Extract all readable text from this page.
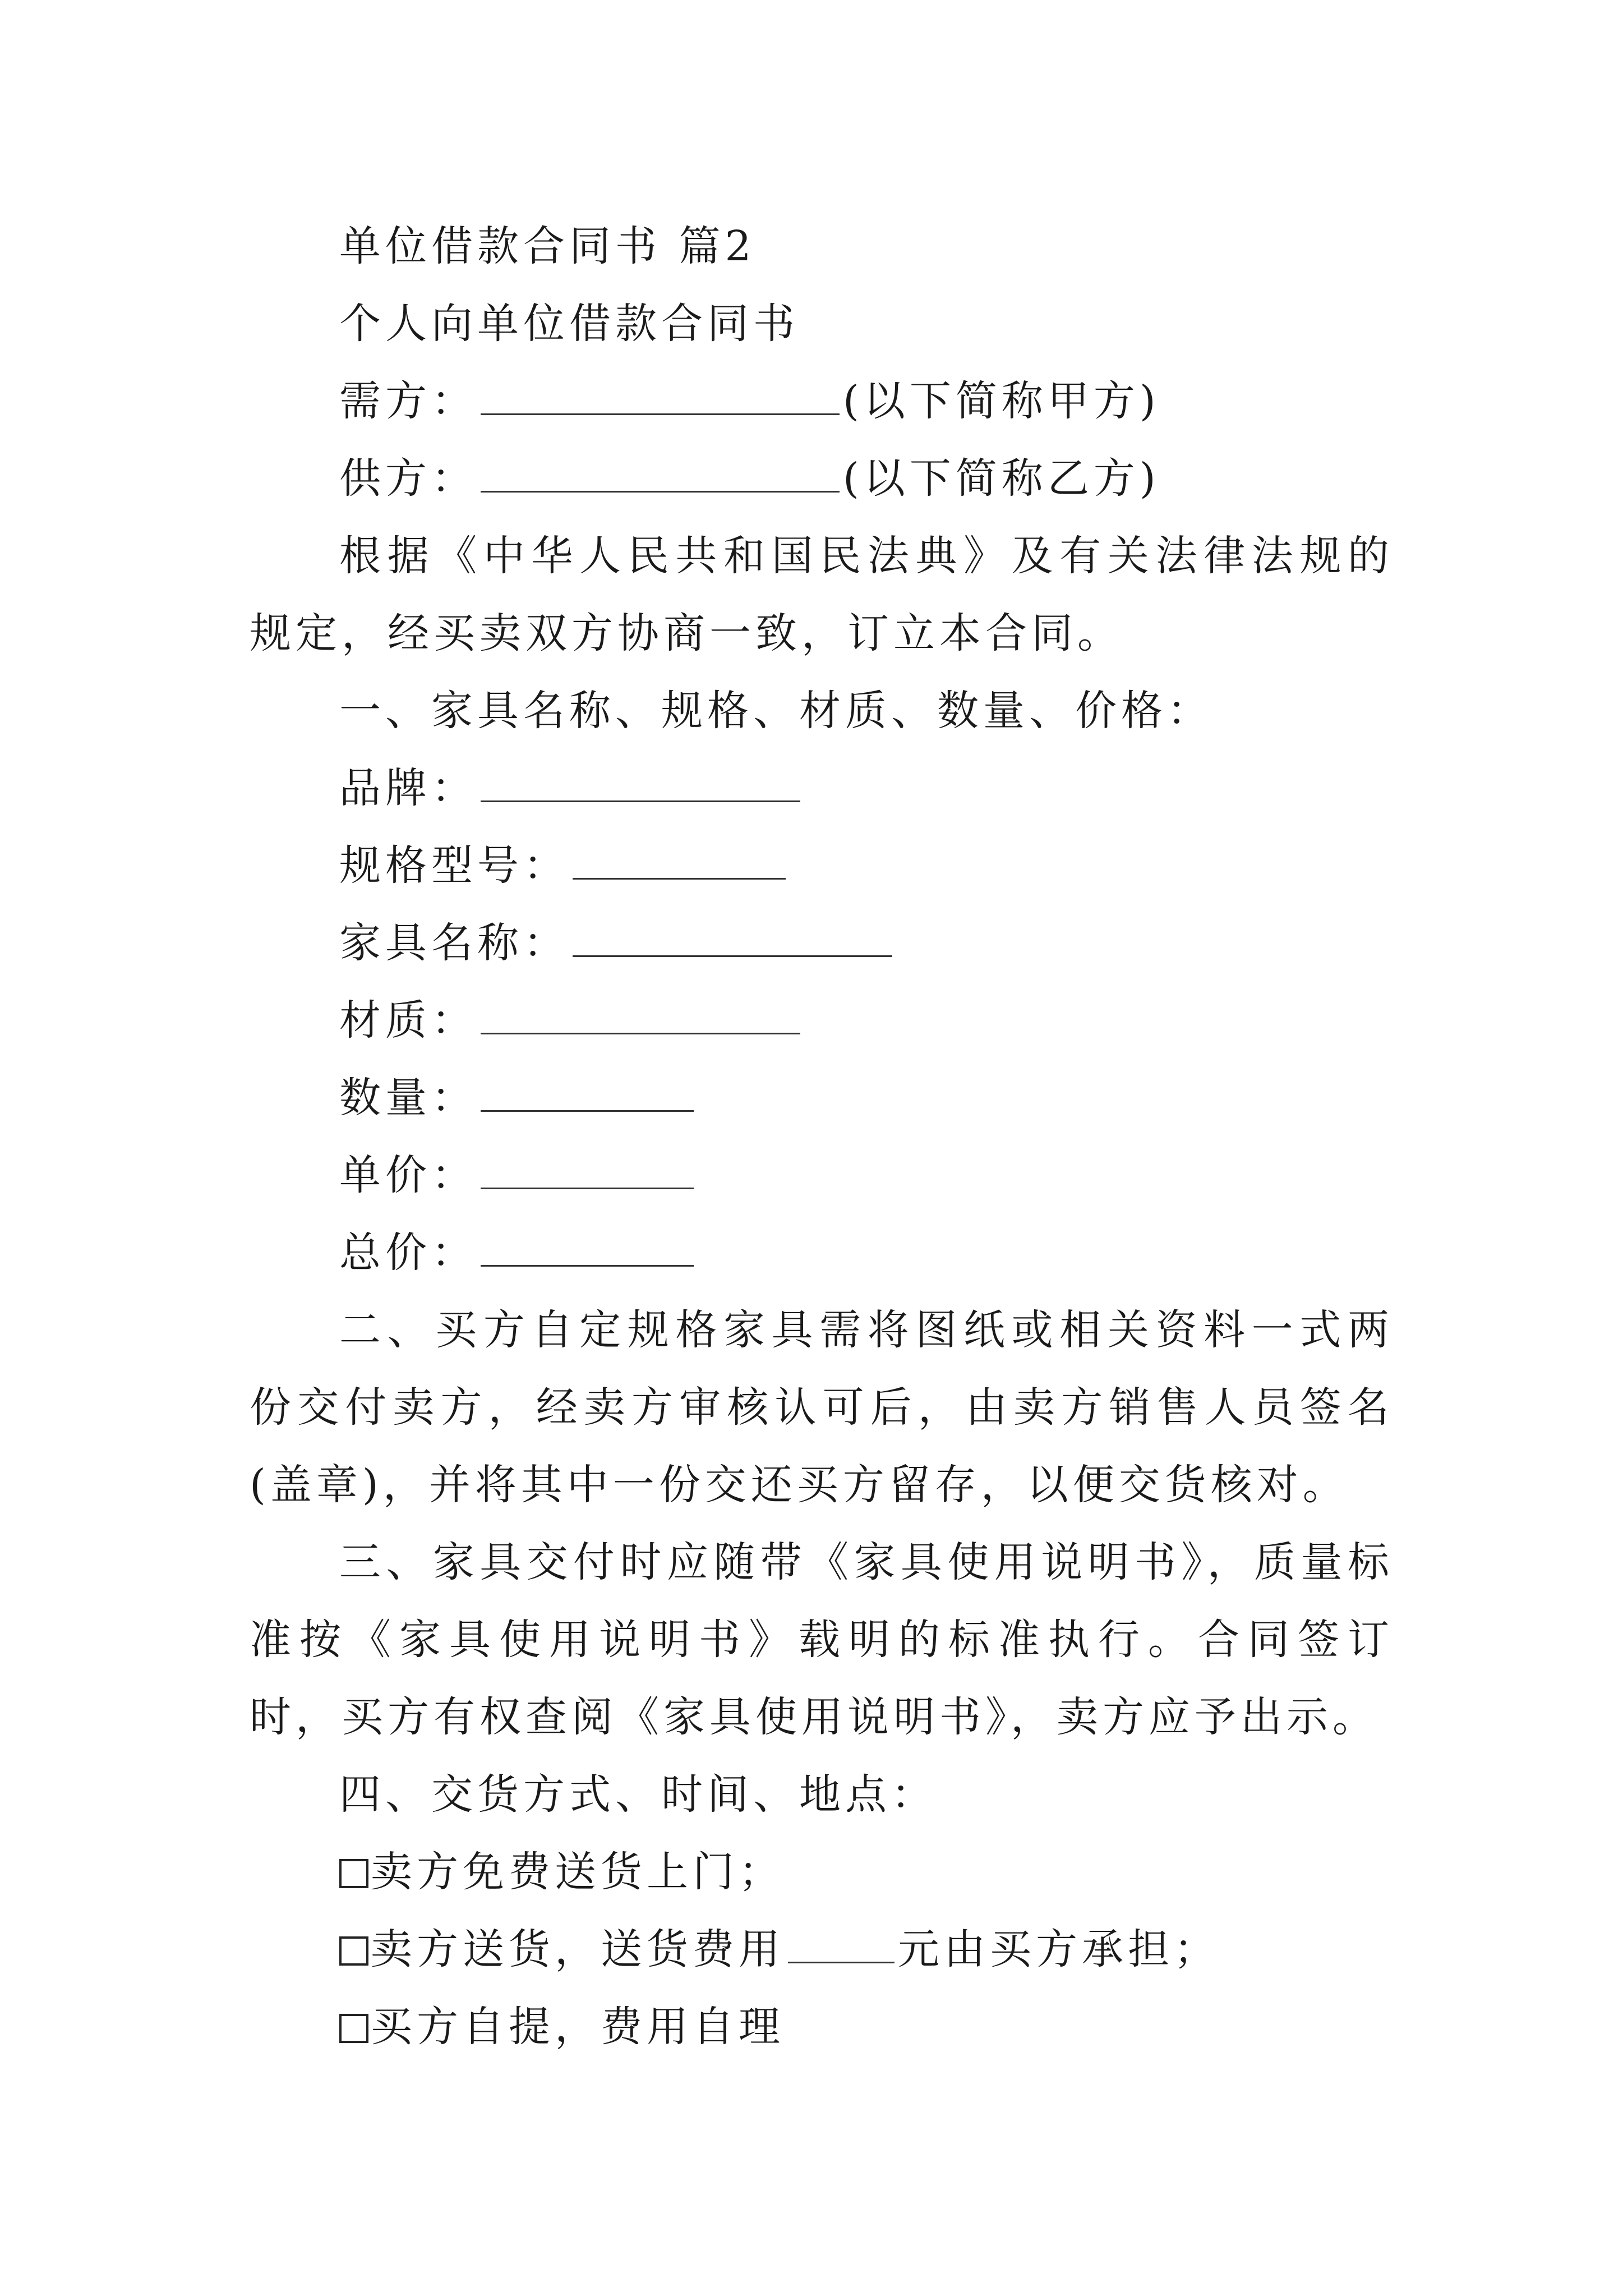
单位借款合同书 篇2

个人向单位借款合同书

需方：	(以下简称甲方)

供方：	(以下简称乙方)

根据《中华人民共和国民法典》及有关法律法规的规定，经买卖双方协商一致，订立本合同。

一、家具名称、规格、材质、数量、价格：

品牌：

规格型号：

家具名称：

材质：

数量：

单价：

总价：

二、买方自定规格家具需将图纸或相关资料一式两份交付卖方，经卖方审核认可后，由卖方销售人员签名(盖章)，并将其中一份交还买方留存，以便交货核对。

三、家具交付时应随带《家具使用说明书》，质量标准按《家具使用说明书》载明的标准执行。合同签订时，买方有权查阅《家具使用说明书》，卖方应予出示。

四、交货方式、时间、地点：

卖方免费送货上门；

卖方送货，送货费用	元由买方承担；

买方自提，费用自理
